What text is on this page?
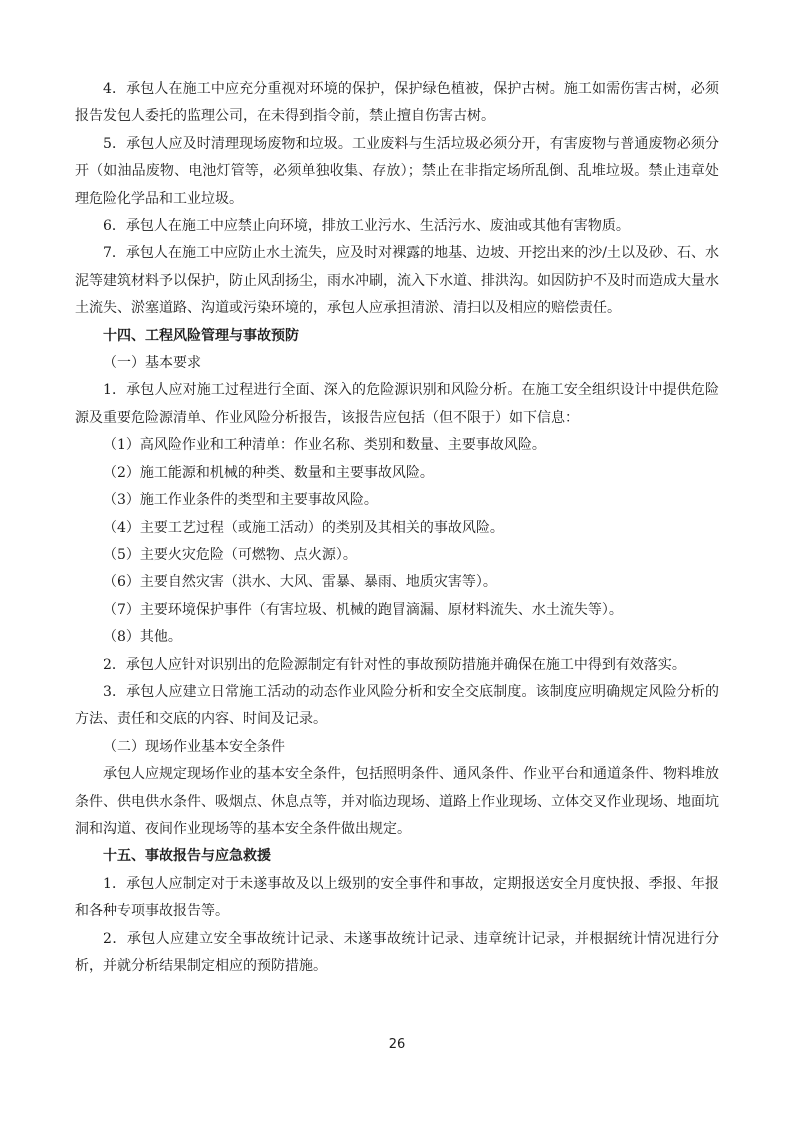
4．承包人在施工中应充分重视对环境的保护，保护绿色植被，保护古树。施工如需伤害古树，必须报告发包人委托的监理公司，在未得到指令前，禁止擅自伤害古树。

5．承包人应及时清理现场废物和垃圾。工业废料与生活垃圾必须分开，有害废物与普通废物必须分开（如油品废物、电池灯管等，必须单独收集、存放）；禁止在非指定场所乱倒、乱堆垃圾。禁止违章处理危险化学品和工业垃圾。

6．承包人在施工中应禁止向环境，排放工业污水、生活污水、废油或其他有害物质。

7．承包人在施工中应防止水土流失，应及时对裸露的地基、边坡、开挖出来的沙/土以及砂、石、水泥等建筑材料予以保护，防止风刮扬尘，雨水冲刷，流入下水道、排洪沟。如因防护不及时而造成大量水土流失、淤塞道路、沟道或污染环境的，承包人应承担清淤、清扫以及相应的赔偿责任。

十四、工程风险管理与事故预防

（一）基本要求

1．承包人应对施工过程进行全面、深入的危险源识别和风险分析。在施工安全组织设计中提供危险源及重要危险源清单、作业风险分析报告，该报告应包括（但不限于）如下信息：

（1）高风险作业和工种清单：作业名称、类别和数量、主要事故风险。

（2）施工能源和机械的种类、数量和主要事故风险。

（3）施工作业条件的类型和主要事故风险。

（4）主要工艺过程（或施工活动）的类别及其相关的事故风险。

（5）主要火灾危险（可燃物、点火源）。

（6）主要自然灾害（洪水、大风、雷暴、暴雨、地质灾害等）。

（7）主要环境保护事件（有害垃圾、机械的跑冒滴漏、原材料流失、水土流失等）。

（8）其他。

2．承包人应针对识别出的危险源制定有针对性的事故预防措施并确保在施工中得到有效落实。

3．承包人应建立日常施工活动的动态作业风险分析和安全交底制度。该制度应明确规定风险分析的方法、责任和交底的内容、时间及记录。

（二）现场作业基本安全条件

承包人应规定现场作业的基本安全条件，包括照明条件、通风条件、作业平台和通道条件、物料堆放条件、供电供水条件、吸烟点、休息点等，并对临边现场、道路上作业现场、立体交叉作业现场、地面坑洞和沟道、夜间作业现场等的基本安全条件做出规定。

十五、事故报告与应急救援

1．承包人应制定对于未遂事故及以上级别的安全事件和事故，定期报送安全月度快报、季报、年报和各种专项事故报告等。

2．承包人应建立安全事故统计记录、未遂事故统计记录、违章统计记录，并根据统计情况进行分析，并就分析结果制定相应的预防措施。

26
